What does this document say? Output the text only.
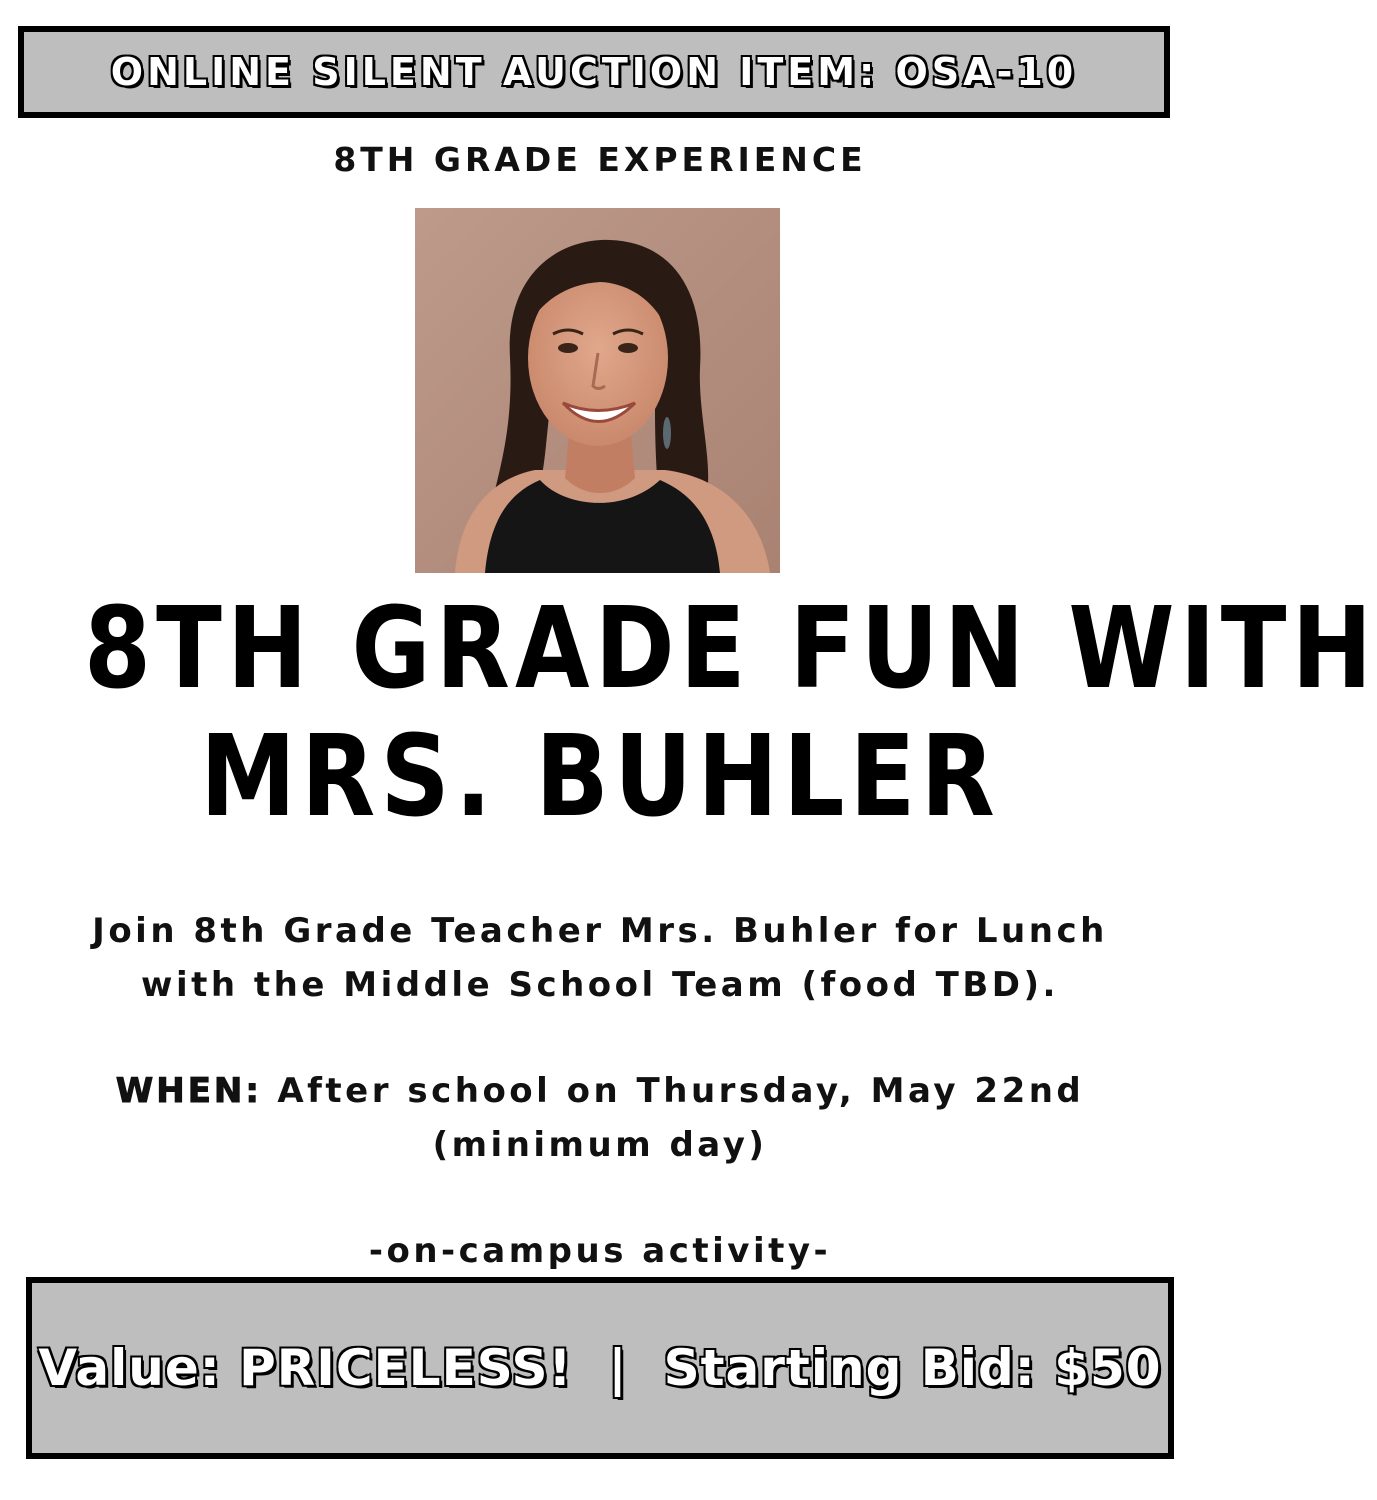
ONLINE SILENT AUCTION ITEM: OSA-10
8TH GRADE EXPERIENCE
8TH GRADE FUN WITH
MRS. BUHLER
Join 8th Grade Teacher Mrs. Buhler for Lunch
with the Middle School Team (food TBD).
WHEN: After school on Thursday, May 22nd
(minimum day)
-on-campus activity-
Value: PRICELESS! | Starting Bid: $50
